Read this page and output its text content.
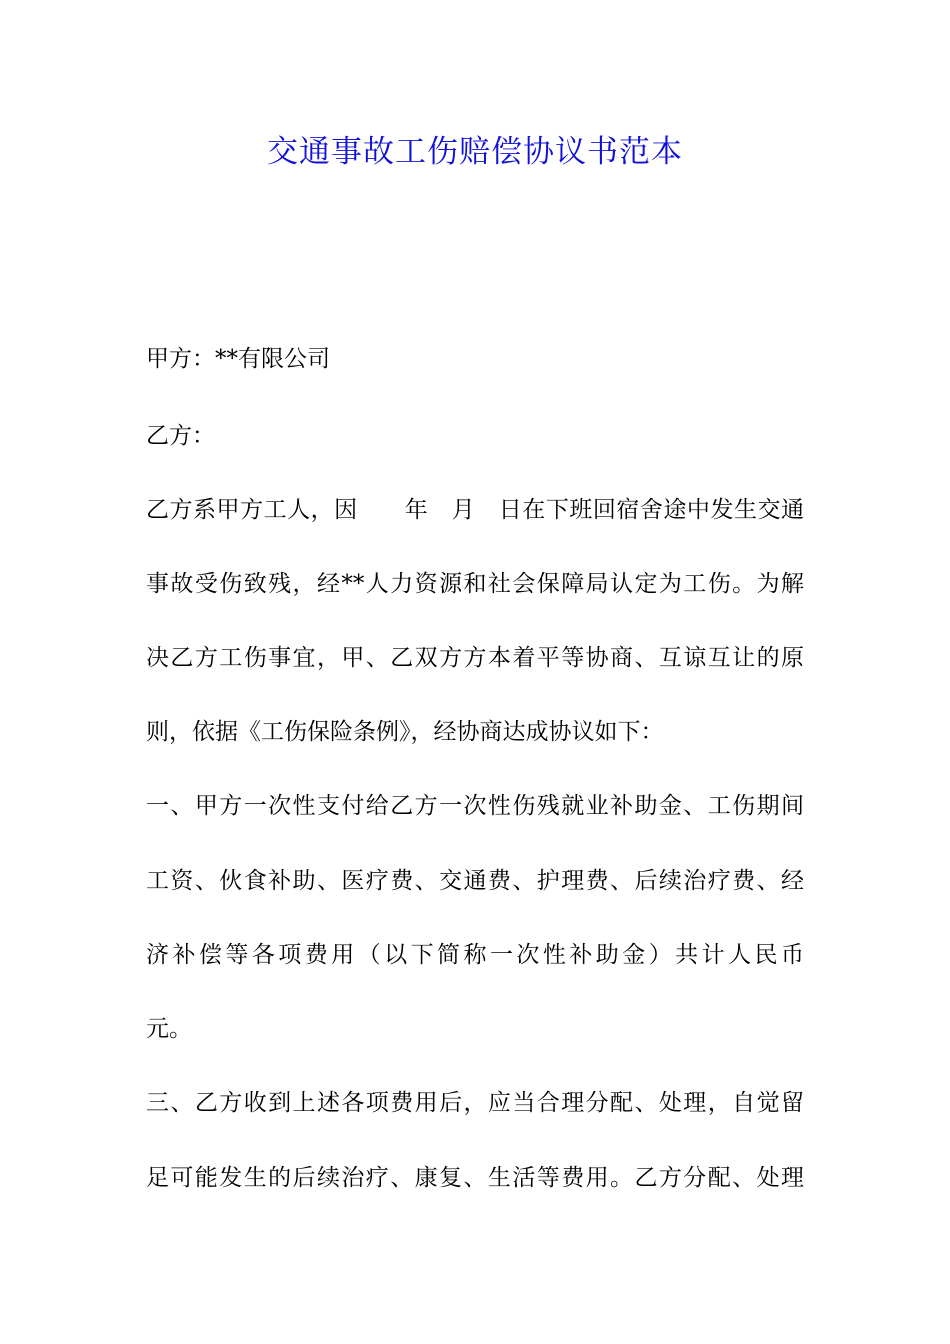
交通事故工伤赔偿协议书范本
甲方：**有限公司
乙方：
乙方系甲方工人，因　　年　月　日在下班回宿舍途中发生交通
事故受伤致残，经**人力资源和社会保障局认定为工伤。为解
决乙方工伤事宜，甲、乙双方方本着平等协商、互谅互让的原
则，依据《工伤保险条例》，经协商达成协议如下：
一、甲方一次性支付给乙方一次性伤残就业补助金、工伤期间
工资、伙食补助、医疗费、交通费、护理费、后续治疗费、经
济补偿等各项费用（以下简称一次性补助金）共计人民币
元。
三、乙方收到上述各项费用后，应当合理分配、处理，自觉留
足可能发生的后续治疗、康复、生活等费用。乙方分配、处理
